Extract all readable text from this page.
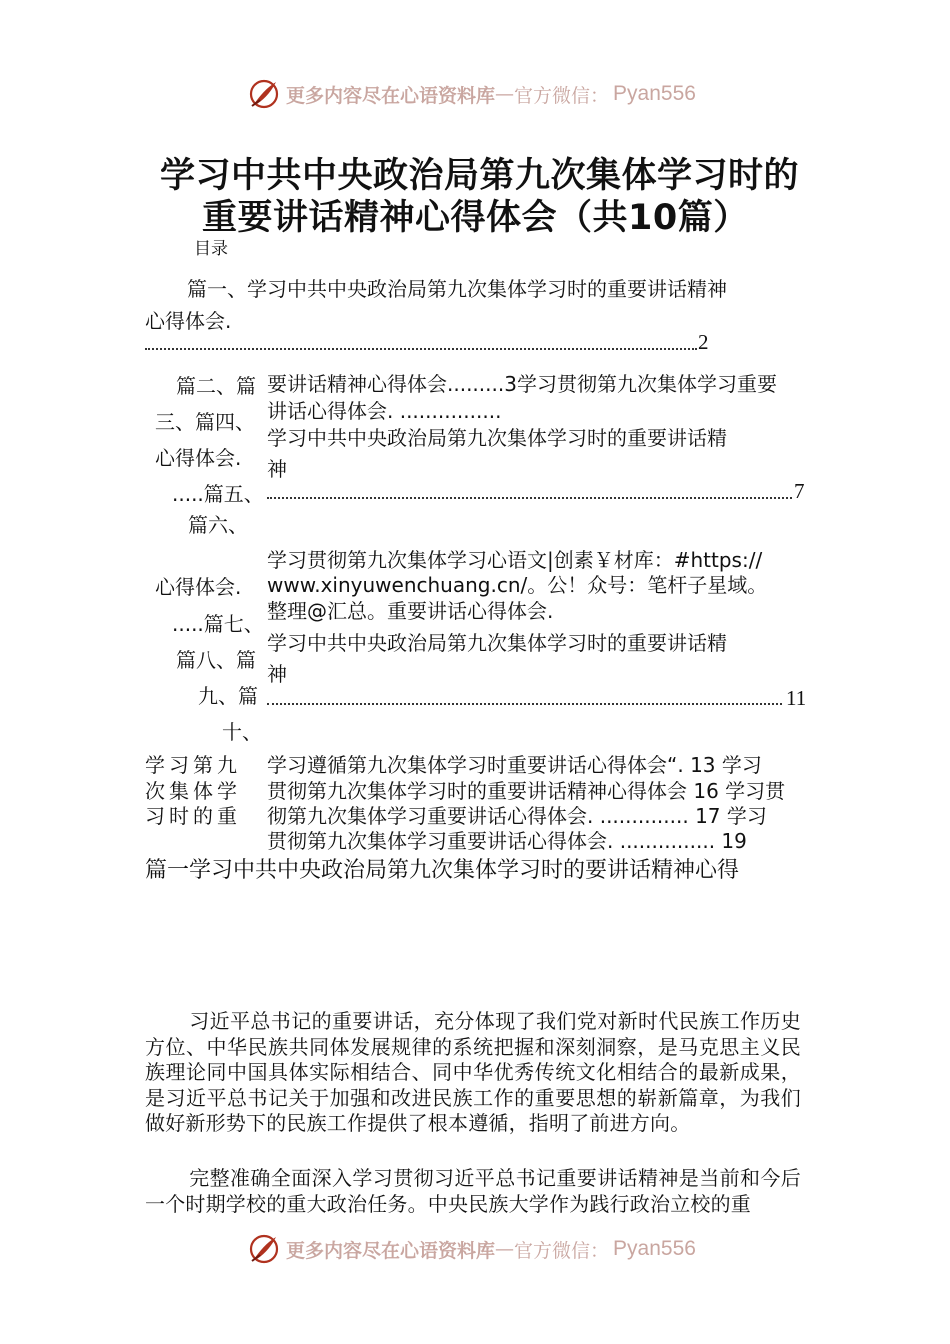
更多内容尽在心语资料库 — 官方微信： Pyan556
学习中共中央政治局第九次集体学习时的
重要讲话精神心得体会（共10篇）
目录
篇一、学习中共中央政治局第九次集体学习时的重要讲话精神
心得体会.
2
篇二、篇 要讲话精神心得体会.........3学习贯彻第九次集体学习重要
讲话心得体会. ................
三、篇四、
学习中共中央政治局第九次集体学习时的重要讲话精
心得体会. 神
.....篇五、	7
篇六、
学习贯彻第九次集体学习心语文|创素￥材库：#https://
心得体会. www.xinyuwenchuang.cn/。公！众号：笔杆子星域。
整理@汇总。重要讲话心得体会.
.....篇七、
学习中共中央政治局第九次集体学习时的重要讲话精
篇八、篇
神
九、篇	11
十、
学习第九
次集体学
习时的重
学习遵循第九次集体学习时重要讲话心得体会“. 13 学习
贯彻第九次集体学习时的重要讲话精神心得体会 16 学习贯
彻第九次集体学习重要讲话心得体会. .............. 17 学习
贯彻第九次集体学习重要讲话心得体会. ............... 19
篇一学习中共中央政治局第九次集体学习时的要讲话精神心得
习近平总书记的重要讲话，充分体现了我们党对新时代民族工作历史方位、中华民族共同体发展规律的系统把握和深刻洞察，是马克思主义民族理论同中国具体实际相结合、同中华优秀传统文化相结合的最新成果，是习近平总书记关于加强和改进民族工作的重要思想的崭新篇章，为我们做好新形势下的民族工作提供了根本遵循，指明了前进方向。
完整准确全面深入学习贯彻习近平总书记重要讲话精神是当前和今后一个时期学校的重大政治任务。中央民族大学作为践行政治立校的重
更多内容尽在心语资料库 — 官方微信： Pyan556
